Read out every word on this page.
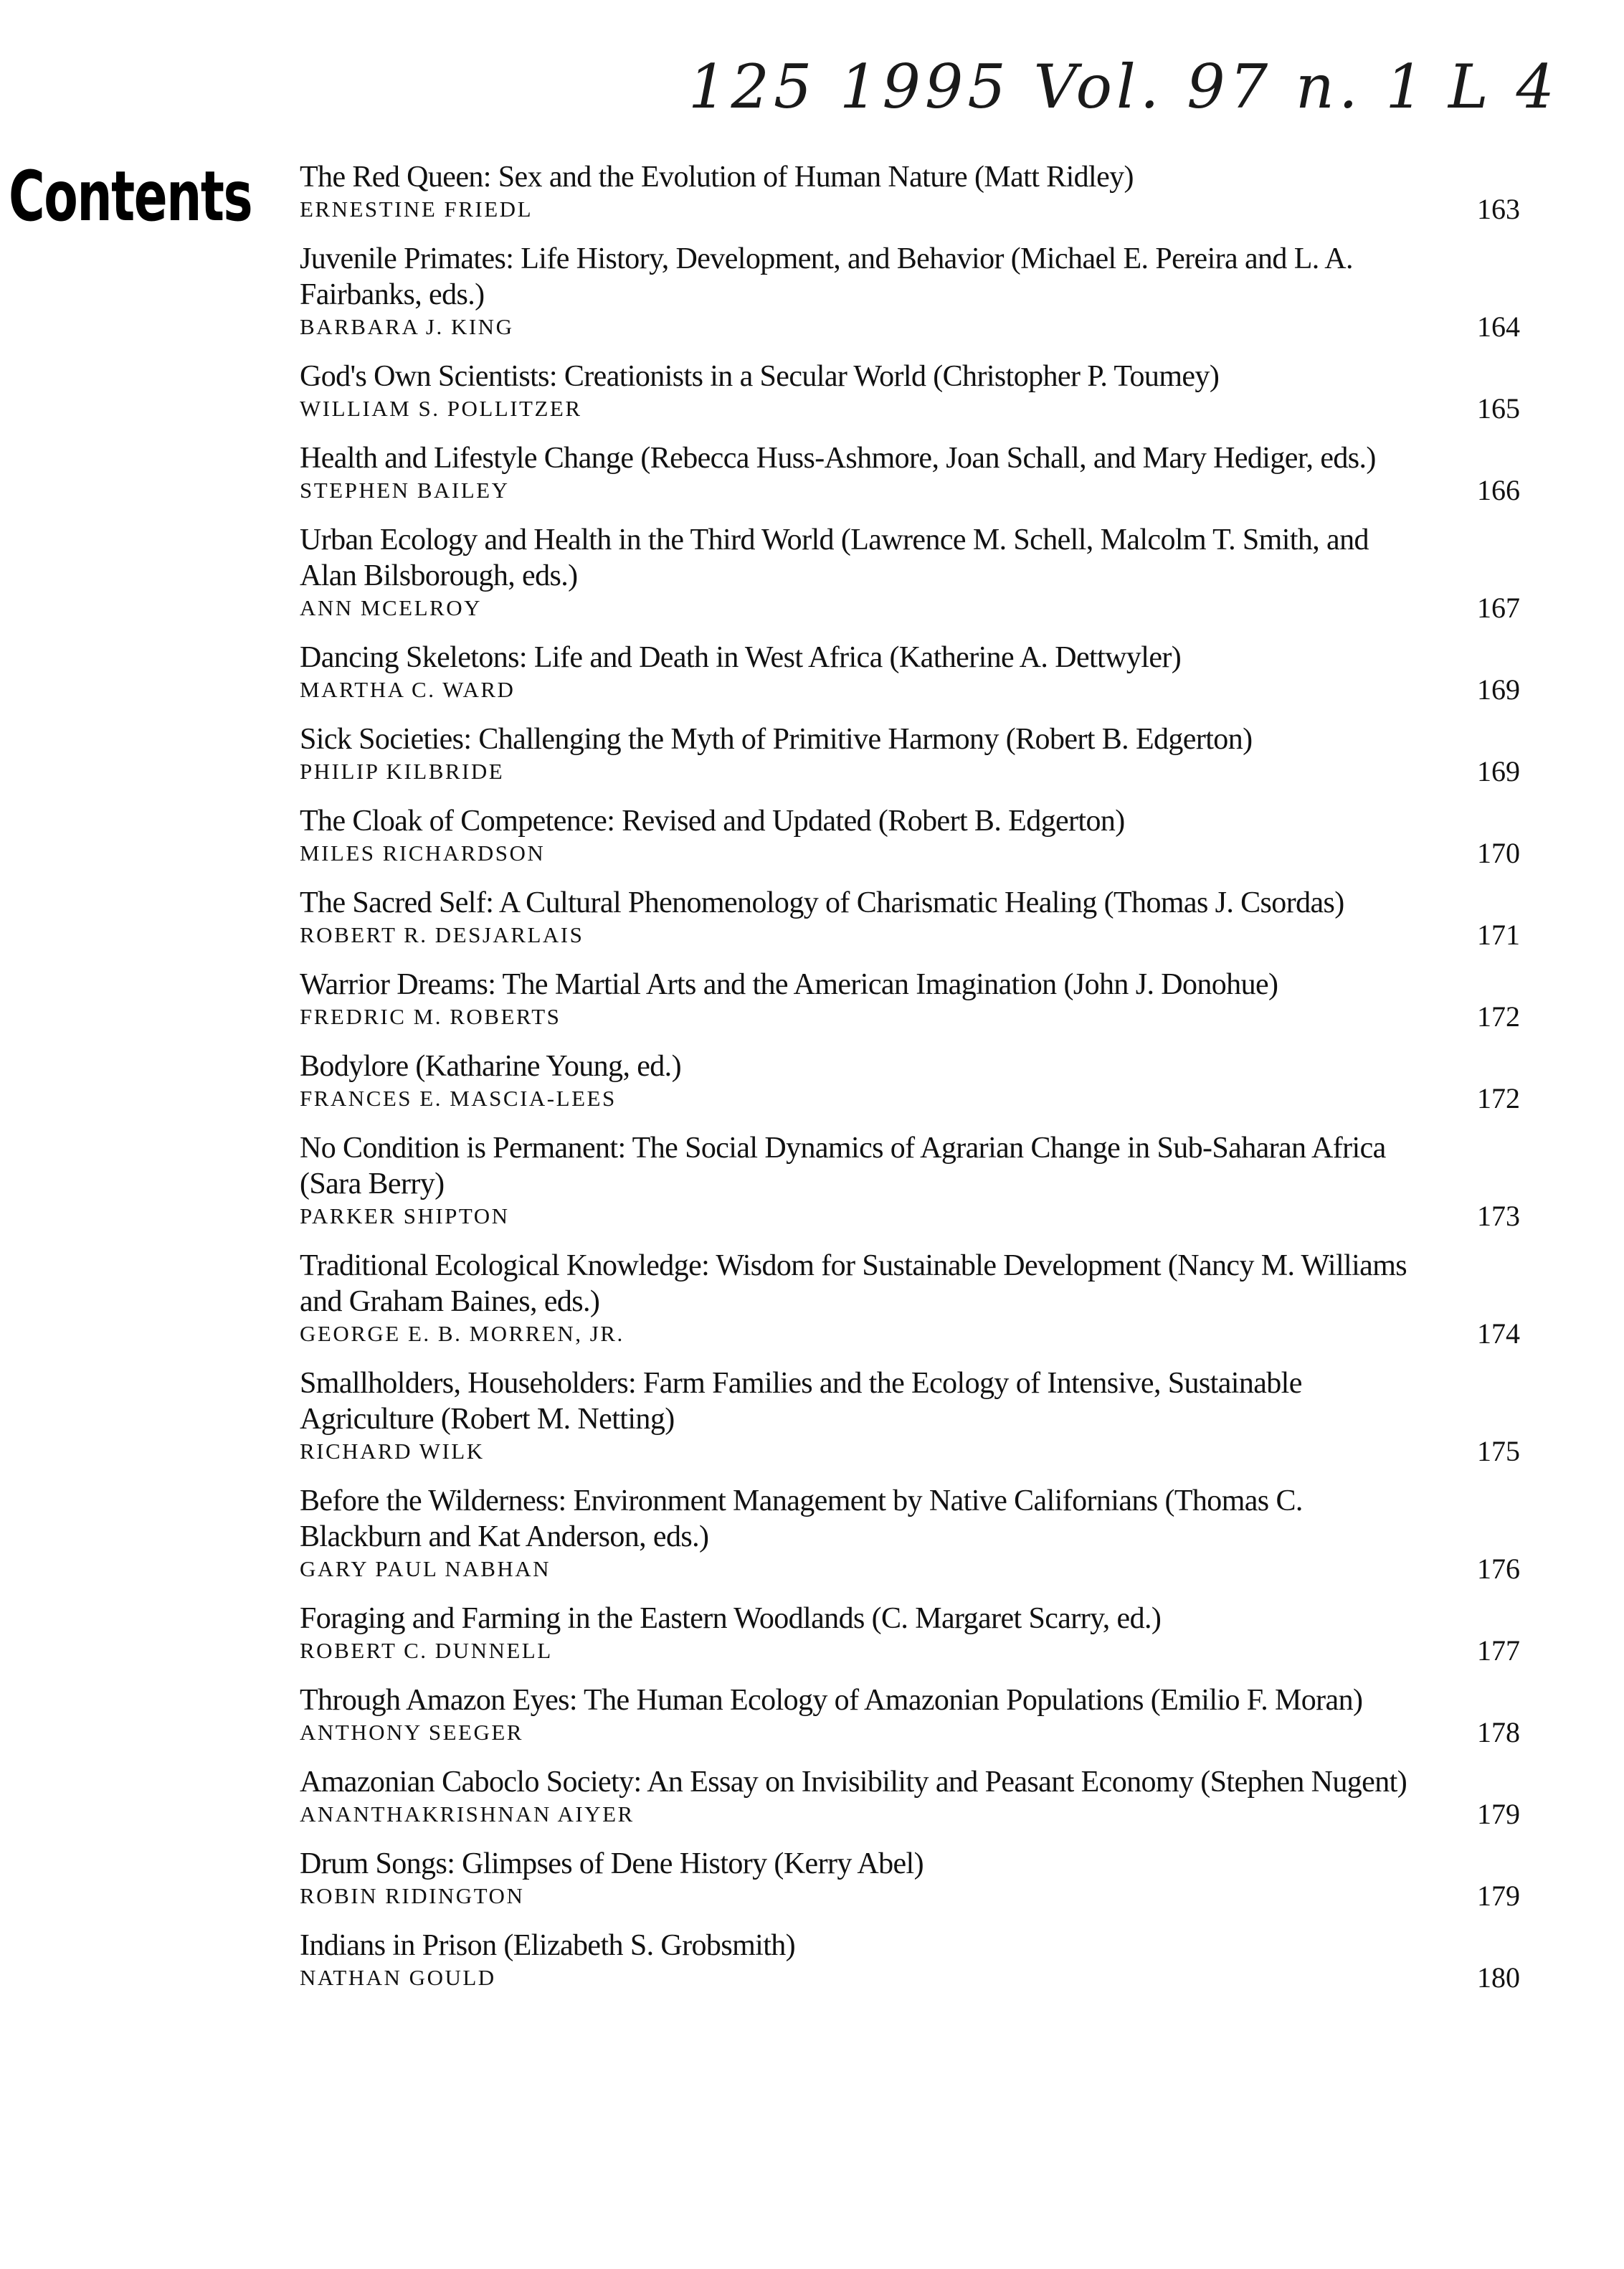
125 1995 Vol. 97 n. 1 L 4
Contents The Red Queen: Sex and the Evolution of Human Nature (Matt Ridley)
ERNESTINE FRIEDL	163
Juvenile Primates: Life History, Development, and Behavior (Michael E. Pereira and L. A. Fairbanks, eds.)
BARBARA J. KING	164
God's Own Scientists: Creationists in a Secular World (Christopher P. Toumey)
WILLIAM S. POLLITZER	165
Health and Lifestyle Change (Rebecca Huss-Ashmore, Joan Schall, and Mary Hediger, eds.)
STEPHEN BAILEY	166
Urban Ecology and Health in the Third World (Lawrence M. Schell, Malcolm T. Smith, and Alan Bilsborough, eds.)
ANN MCELROY	167
Dancing Skeletons: Life and Death in West Africa (Katherine A. Dettwyler)
MARTHA C. WARD	169
Sick Societies: Challenging the Myth of Primitive Harmony (Robert B. Edgerton)
PHILIP KILBRIDE	169
The Cloak of Competence: Revised and Updated (Robert B. Edgerton)
MILES RICHARDSON	170
The Sacred Self: A Cultural Phenomenology of Charismatic Healing (Thomas J. Csordas)
ROBERT R. DESJARLAIS	171
Warrior Dreams: The Martial Arts and the American Imagination (John J. Donohue)
FREDRIC M. ROBERTS	172
Bodylore (Katharine Young, ed.)
FRANCES E. MASCIA-LEES	172
No Condition is Permanent: The Social Dynamics of Agrarian Change in Sub-Saharan Africa (Sara Berry)
PARKER SHIPTON	173
Traditional Ecological Knowledge: Wisdom for Sustainable Development (Nancy M. Williams and Graham Baines, eds.)
GEORGE E. B. MORREN, JR.	174
Smallholders, Householders: Farm Families and the Ecology of Intensive, Sustainable Agriculture (Robert M. Netting)
RICHARD WILK	175
Before the Wilderness: Environment Management by Native Californians (Thomas C. Blackburn and Kat Anderson, eds.)
GARY PAUL NABHAN	176
Foraging and Farming in the Eastern Woodlands (C. Margaret Scarry, ed.)
ROBERT C. DUNNELL	177
Through Amazon Eyes: The Human Ecology of Amazonian Populations (Emilio F. Moran)
ANTHONY SEEGER	178
Amazonian Caboclo Society: An Essay on Invisibility and Peasant Economy (Stephen Nugent)
ANANTHAKRISHNAN AIYER	179
Drum Songs: Glimpses of Dene History (Kerry Abel)
ROBIN RIDINGTON	179
Indians in Prison (Elizabeth S. Grobsmith)
NATHAN GOULD	180
